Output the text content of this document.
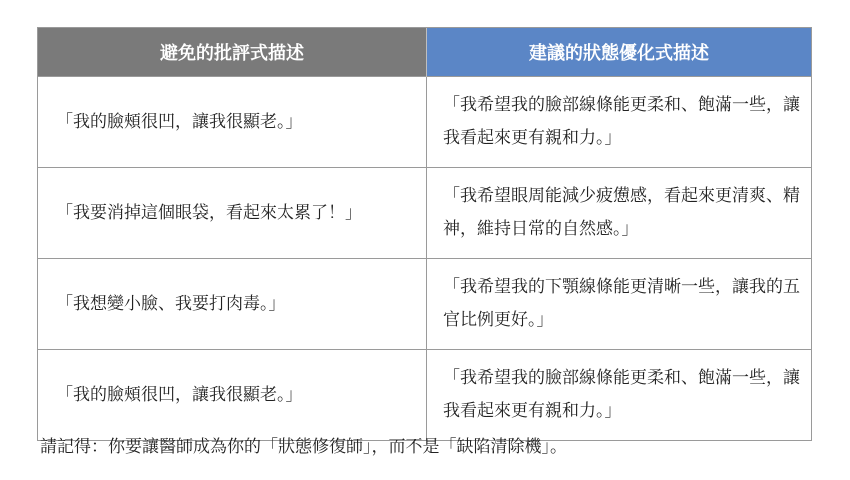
避免的批評式描述	建議的狀態優化式描述
「我的臉頰很凹，讓我很顯老。」	「我希望我的臉部線條能更柔和、飽滿一些，讓我看起來更有親和力。」
「我要消掉這個眼袋，看起來太累了！」	「我希望眼周能減少疲憊感，看起來更清爽、精神，維持日常的自然感。」
「我想變小臉、我要打肉毒。」	「我希望我的下顎線條能更清晰一些，讓我的五官比例更好。」
「我的臉頰很凹，讓我很顯老。」	「我希望我的臉部線條能更柔和、飽滿一些，讓我看起來更有親和力。」
請記得：你要讓醫師成為你的「狀態修復師」，而不是「缺陷清除機」。
